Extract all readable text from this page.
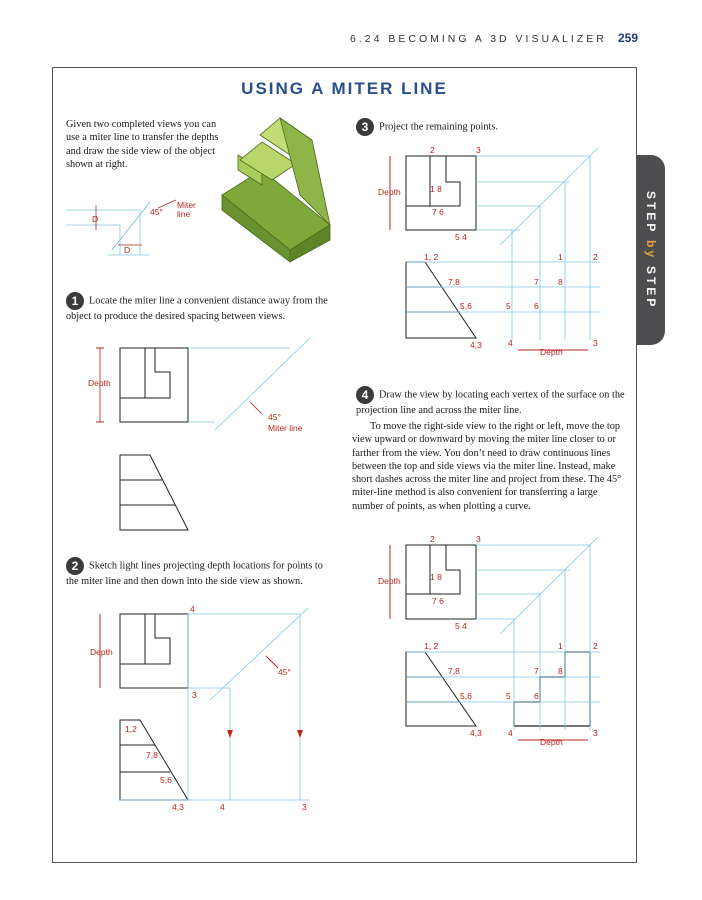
6.24 BECOMING A 3D VISUALIZER 259
USING A MITER LINE
STEP
by
STEP
Given two completed views you can use a miter line to transfer the depths and draw the side view of the object shown at right.
1 Locate the miter line a convenient distance away from the object to produce the desired spacing between views.
2 Sketch light lines projecting depth locations for points to the miter line and then down into the side view as shown.
3 Project the remaining points.
4 Draw the view by locating each vertex of the surface on the projection line and across the miter line.
To move the right-side view to the right or left, move the top view upward or downward by moving the miter line closer to or farther from the view. You don’t need to draw continuous lines between the top and side views via the miter line. Instead, make short dashes across the miter line and project from these. The 45° miter-line method is also convenient for transferring a large number of points, as when plotting a curve.
45°
Miter
line
D
D
Depth
45°
Miter line
Depth
45°
4
3
1,2
7,8
5,6
4,3	4	3
2	3
Depth	1 8
7 6
5 4
1, 2
7,8
5,6
4,3
1	2
7 8
5	6
4	3
Depth
2	3
Depth	1 8
7 6
5 4
1, 2
7,8
5,6
4,3
1	2
7 8
5	6
4	3
Depth
